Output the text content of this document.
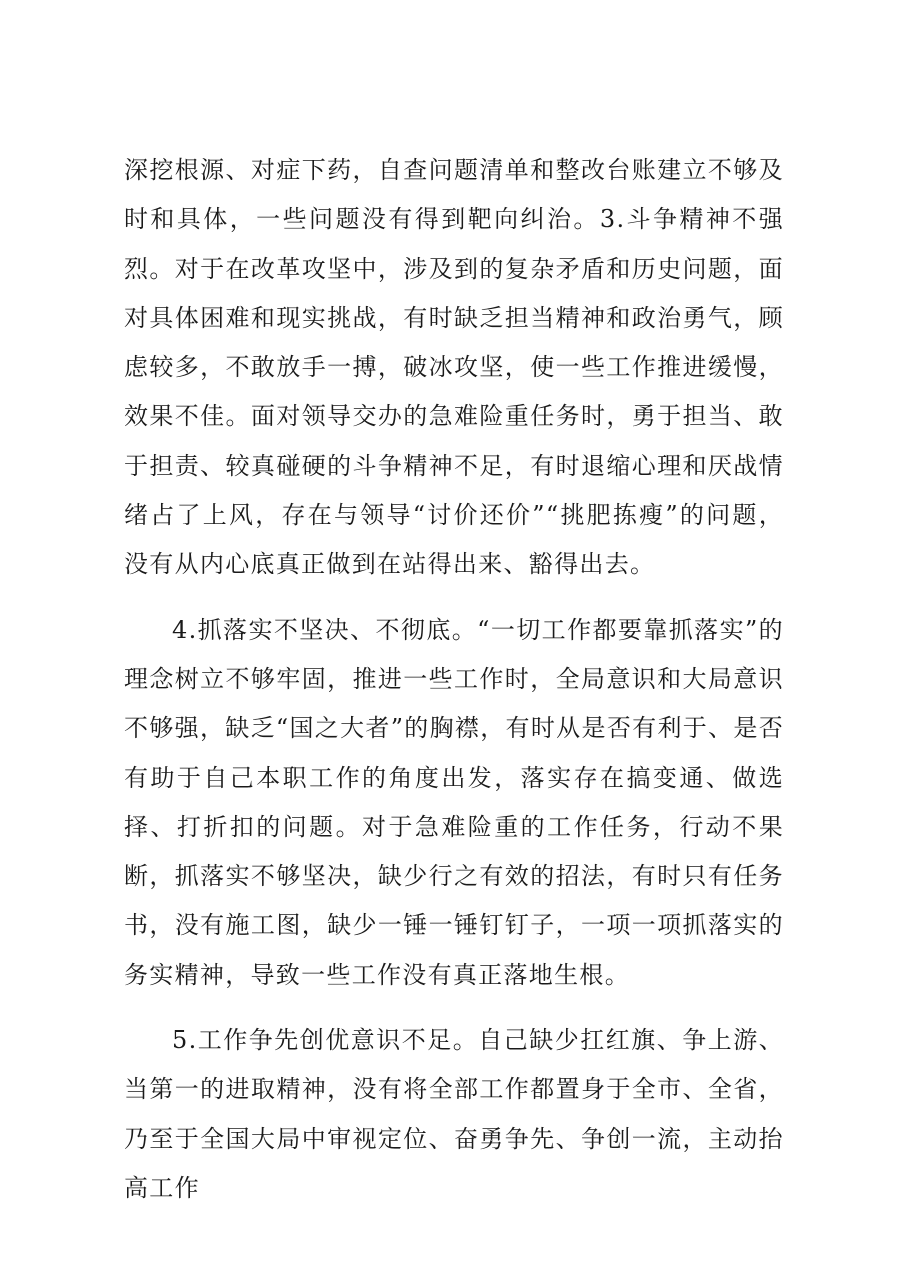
深挖根源、对症下药，自查问题清单和整改台账建立不够及时和具体，一些问题没有得到靶向纠治。3.斗争精神不强烈。对于在改革攻坚中，涉及到的复杂矛盾和历史问题，面对具体困难和现实挑战，有时缺乏担当精神和政治勇气，顾虑较多，不敢放手一搏，破冰攻坚，使一些工作推进缓慢，效果不佳。面对领导交办的急难险重任务时，勇于担当、敢于担责、较真碰硬的斗争精神不足，有时退缩心理和厌战情绪占了上风，存在与领导“讨价还价”“挑肥拣瘦”的问题，没有从内心底真正做到在站得出来、豁得出去。

4.抓落实不坚决、不彻底。“一切工作都要靠抓落实”的理念树立不够牢固，推进一些工作时，全局意识和大局意识不够强，缺乏“国之大者”的胸襟，有时从是否有利于、是否有助于自己本职工作的角度出发，落实存在搞变通、做选择、打折扣的问题。对于急难险重的工作任务，行动不果断，抓落实不够坚决，缺少行之有效的招法，有时只有任务书，没有施工图，缺少一锤一锤钉钉子，一项一项抓落实的务实精神，导致一些工作没有真正落地生根。

5.工作争先创优意识不足。自己缺少扛红旗、争上游、当第一的进取精神，没有将全部工作都置身于全市、全省，乃至于全国大局中审视定位、奋勇争先、争创一流，主动抬高工作
